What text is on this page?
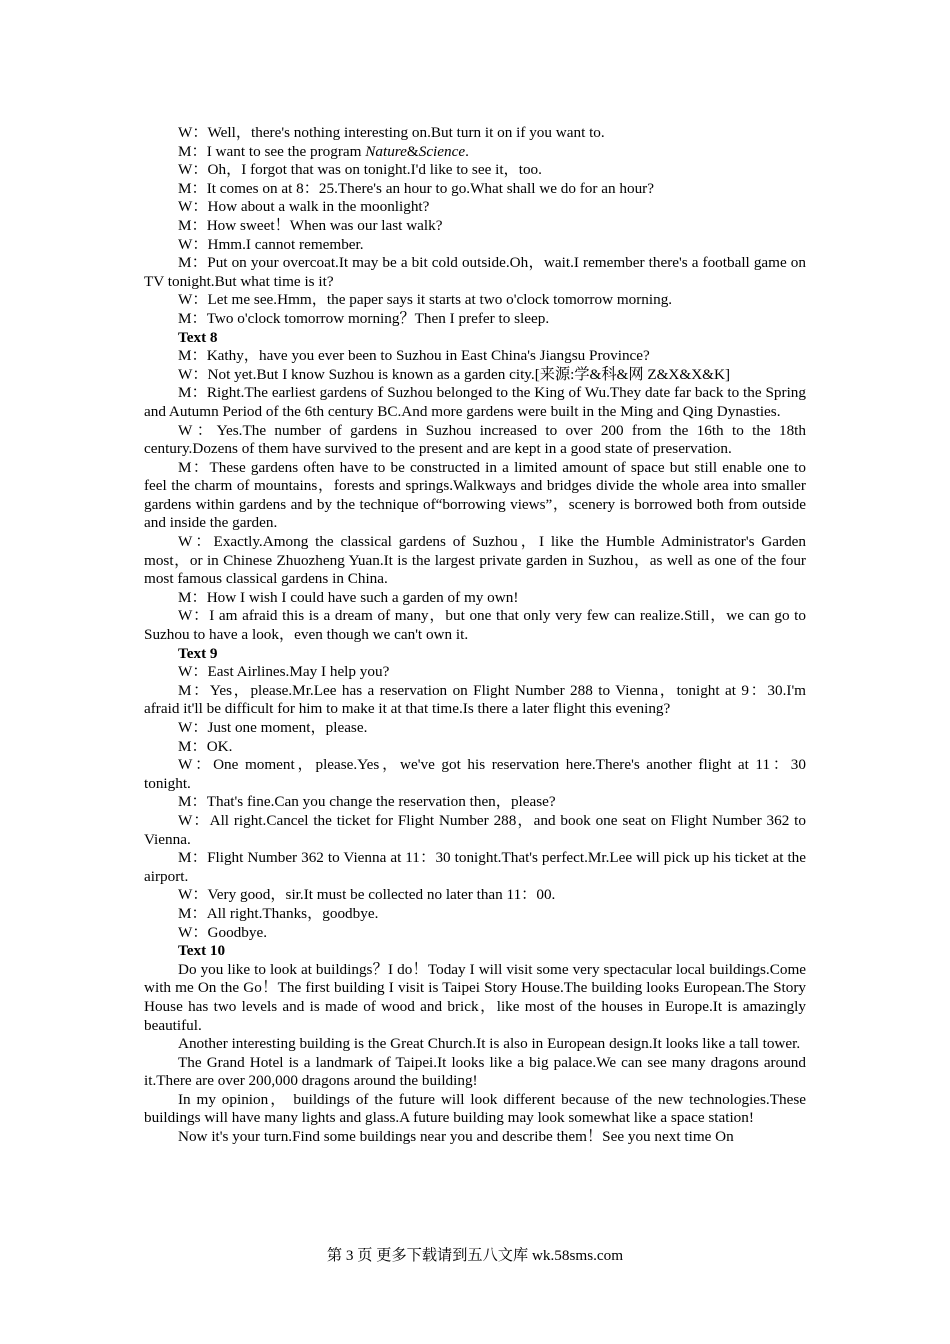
W：Well，there's nothing interesting on.But turn it on if you want to.

M：I want to see the program Nature&Science.

W：Oh，I forgot that was on tonight.I'd like to see it，too.

M：It comes on at 8：25.There's an hour to go.What shall we do for an hour?

W：How about a walk in the moonlight?

M：How sweet！When was our last walk?

W：Hmm.I cannot remember.

M：Put on your overcoat.It may be a bit cold outside.Oh，wait.I remember there's a football game on TV tonight.But what time is it?

W：Let me see.Hmm，the paper says it starts at two o'clock tomorrow morning.

M：Two o'clock tomorrow morning？Then I prefer to sleep.

Text 8

M：Kathy，have you ever been to Suzhou in East China's Jiangsu Province?

W：Not yet.But I know Suzhou is known as a garden city.[来源:学&科&网 Z&X&X&K]

M：Right.The earliest gardens of Suzhou belonged to the King of Wu.They date far back to the Spring and Autumn Period of the 6th century BC.And more gardens were built in the Ming and Qing Dynasties.

W：Yes.The number of gardens in Suzhou increased to over 200 from the 16th to the 18th century.Dozens of them have survived to the present and are kept in a good state of preservation.

M：These gardens often have to be constructed in a limited amount of space but still enable one to feel the charm of mountains，forests and springs.Walkways and bridges divide the whole area into smaller gardens within gardens and by the technique of“borrowing views”，scenery is borrowed both from outside and inside the garden.

W：Exactly.Among the classical gardens of Suzhou，I like the Humble Administrator's Garden most，or in Chinese Zhuozheng Yuan.It is the largest private garden in Suzhou，as well as one of the four most famous classical gardens in China.

M：How I wish I could have such a garden of my own!

W：I am afraid this is a dream of many，but one that only very few can realize.Still，we can go to Suzhou to have a look，even though we can't own it.

Text 9

W：East Airlines.May I help you?

M：Yes，please.Mr.Lee has a reservation on Flight Number 288 to Vienna，tonight at 9：30.I'm afraid it'll be difficult for him to make it at that time.Is there a later flight this evening?

W：Just one moment，please.

M：OK.

W：One moment，please.Yes，we've got his reservation here.There's another flight at 11：30 tonight.

M：That's fine.Can you change the reservation then，please?

W：All right.Cancel the ticket for Flight Number 288，and book one seat on Flight Number 362 to Vienna.

M：Flight Number 362 to Vienna at 11：30 tonight.That's perfect.Mr.Lee will pick up his ticket at the airport.

W：Very good，sir.It must be collected no later than 11：00.

M：All right.Thanks，goodbye.

W：Goodbye.

Text 10

Do you like to look at buildings？I do！Today I will visit some very spectacular local buildings.Come with me On the Go！The first building I visit is Taipei Story House.The building looks European.The Story House has two levels and is made of wood and brick，like most of the houses in Europe.It is amazingly beautiful.

Another interesting building is the Great Church.It is also in European design.It looks like a tall tower.

The Grand Hotel is a landmark of Taipei.It looks like a big palace.We can see many dragons around it.There are over 200,000 dragons around the building!

In my opinion， buildings of the future will look different because of the new technologies.These buildings will have many lights and glass.A future building may look somewhat like a space station!

Now it's your turn.Find some buildings near you and describe them！See you next time On

第 3 页 更多下载请到五八文库 wk.58sms.com
